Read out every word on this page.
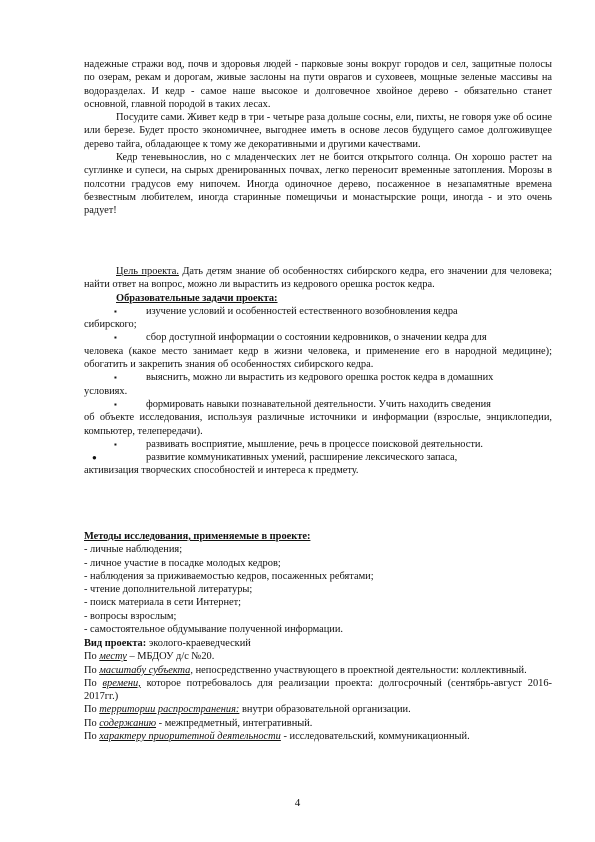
надежные стражи вод, почв и здоровья людей - парковые зоны вокруг городов и сел, защитные полосы по озерам, рекам и дорогам, живые заслоны на пути оврагов и суховеев, мощные зеленые массивы на водоразделах. И кедр - самое наше высокое и долговечное хвойное дерево - обязательно станет основной, главной породой в таких лесах.

Посудите сами. Живет кедр в три - четыре раза дольше сосны, ели, пихты, не говоря уже об осине или березе. Будет просто экономичнее, выгоднее иметь в основе лесов будущего самое долгоживущее дерево тайга, обладающее к тому же декоративными и другими качествами.

Кедр теневынослив, но с младенческих лет не боится открытого солнца. Он хорошо растет на суглинке и супеси, на сырых дренированных почвах, легко переносит временные затопления. Морозы в полсотни градусов ему нипочем. Иногда одиночное дерево, посаженное в незапамятные времена безвестным любителем, иногда старинные помещичьи и монастырские рощи, иногда - и это очень радует!

Цель проекта. Дать детям знание об особенностях сибирского кедра, его значении для человека; найти ответ на вопрос, можно ли вырастить из кедрового орешка росток кедра.

Образовательные задачи проекта:

▪	изучение условий и особенностей естественного возобновления кедра

сибирского;

▪	сбор доступной информации о состоянии кедровников, о значении кедра для

человека (какое место занимает кедр в жизни человека, и применение его в народной медицине); обогатить и закрепить знания об особенностях сибирского кедра.

▪	выяснить, можно ли вырастить из кедрового орешка росток кедра в домашних

условиях.

▪	формировать навыки познавательной деятельности. Учить находить сведения

об объекте исследования, используя различные источники и информации (взрослые, энциклопедии, компьютер, телепередачи).

▪	развивать восприятие, мышление, речь в процессе поисковой деятельности.
●	развитие коммуникативных умений, расширение лексического запаса,

активизация творческих способностей и интереса к предмету.

Методы исследования, применяемые в проекте:

- личные наблюдения;

- личное участие в посадке молодых кедров;

- наблюдения за приживаемостью кедров, посаженных ребятами;

- чтение дополнительной литературы;

- поиск материала в сети Интернет;

- вопросы взрослым;

- самостоятельное обдумывание полученной информации.

Вид проекта: эколого-краеведческий

По месту – МБДОУ д/с №20.

По масштабу субъекта, непосредственно участвующего в проектной деятельности: коллективный.

По времени, которое потребовалось для реализации проекта: долгосрочный (сентябрь-август 2016-2017гг.)

По территории распространения: внутри образовательной организации.

По содержанию - межпредметный, интегративный.

По характеру приоритетной деятельности - исследовательский, коммуникационный.

4
